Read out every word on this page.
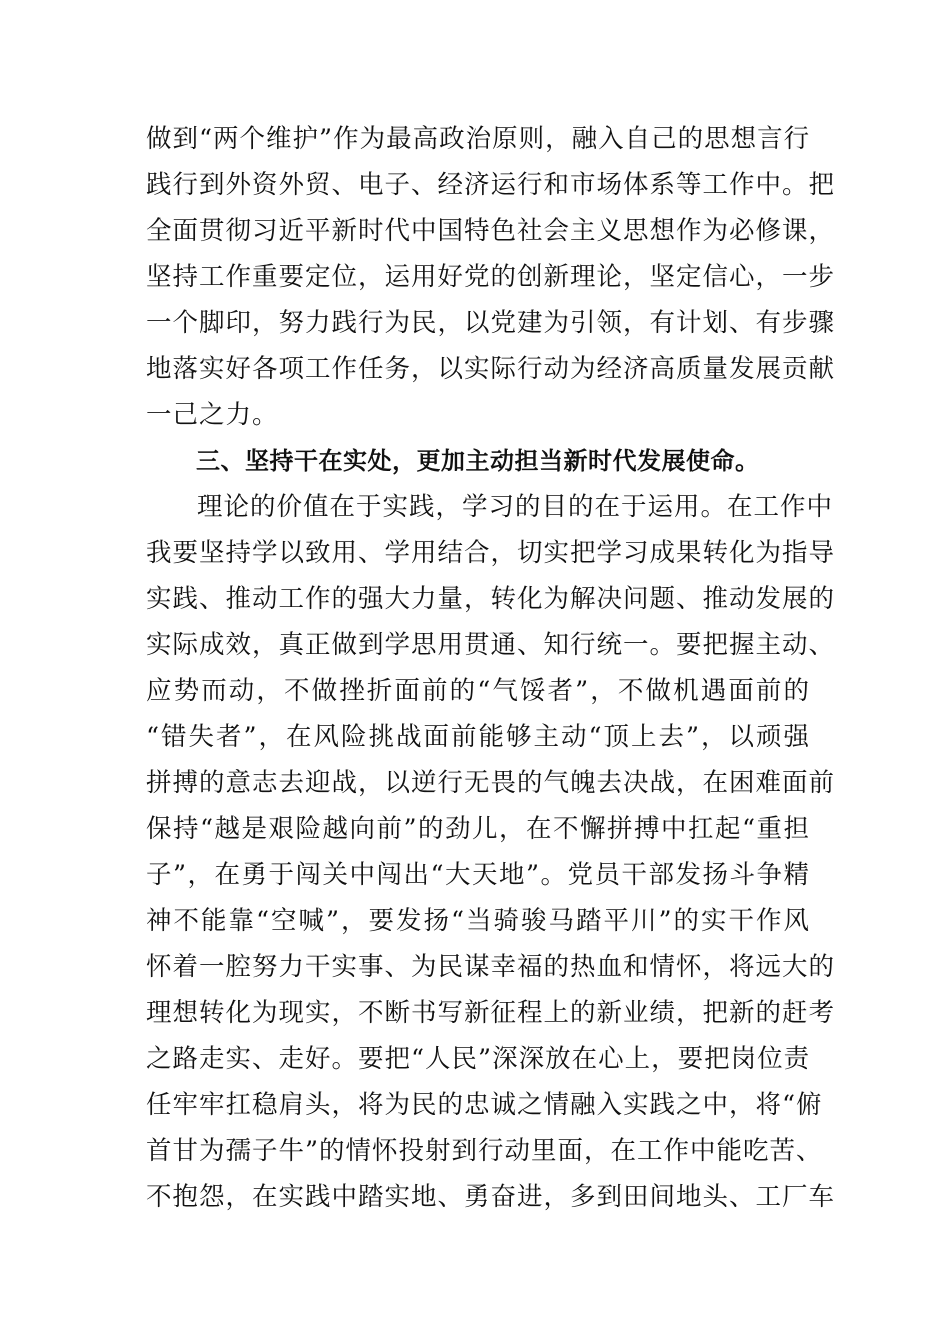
做到“两个维护”作为最高政治原则，融入自己的思想言行
践行到外资外贸、电子、经济运行和市场体系等工作中。把
全面贯彻习近平新时代中国特色社会主义思想作为必修课，
坚持工作重要定位，运用好党的创新理论，坚定信心，一步
一个脚印，努力践行为民，以党建为引领，有计划、有步骤
地落实好各项工作任务，以实际行动为经济高质量发展贡献
一己之力。
三、坚持干在实处，更加主动担当新时代发展使命。
理论的价值在于实践，学习的目的在于运用。在工作中
我要坚持学以致用、学用结合，切实把学习成果转化为指导
实践、推动工作的强大力量，转化为解决问题、推动发展的
实际成效，真正做到学思用贯通、知行统一。要把握主动、
应势而动，不做挫折面前的“气馁者”，不做机遇面前的
“错失者”，在风险挑战面前能够主动“顶上去”，以顽强
拼搏的意志去迎战，以逆行无畏的气魄去决战，在困难面前
保持“越是艰险越向前”的劲儿，在不懈拼搏中扛起“重担
子”，在勇于闯关中闯出“大天地”。党员干部发扬斗争精
神不能靠“空喊”，要发扬“当骑骏马踏平川”的实干作风
怀着一腔努力干实事、为民谋幸福的热血和情怀，将远大的
理想转化为现实，不断书写新征程上的新业绩，把新的赶考
之路走实、走好。要把“人民”深深放在心上，要把岗位责
任牢牢扛稳肩头，将为民的忠诚之情融入实践之中，将“俯
首甘为孺子牛”的情怀投射到行动里面，在工作中能吃苦、
不抱怨，在实践中踏实地、勇奋进，多到田间地头、工厂车
